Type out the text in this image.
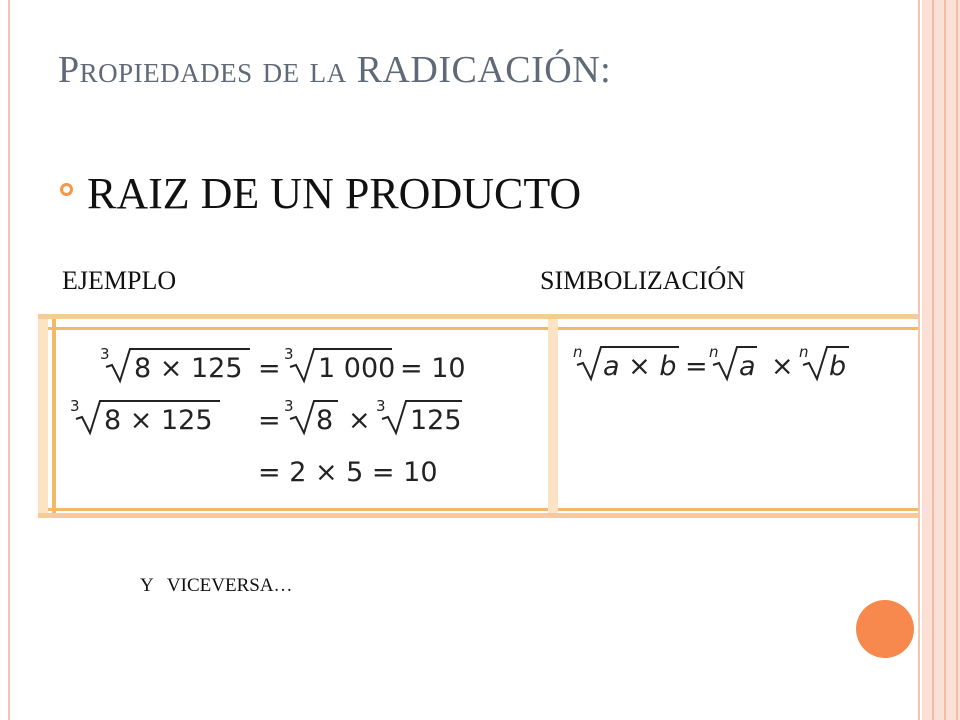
Propiedades de la RADICACIÓN:
RAIZ DE UN PRODUCTO
EJEMPLO	SIMBOLIZACIÓN
3 8 × 125 = 3 1 000 = 10
3 8 × 125 = 3 8 × 3 125
= 2 × 5 = 10
n a × b = n a × n b
Y   VICEVERSA…
